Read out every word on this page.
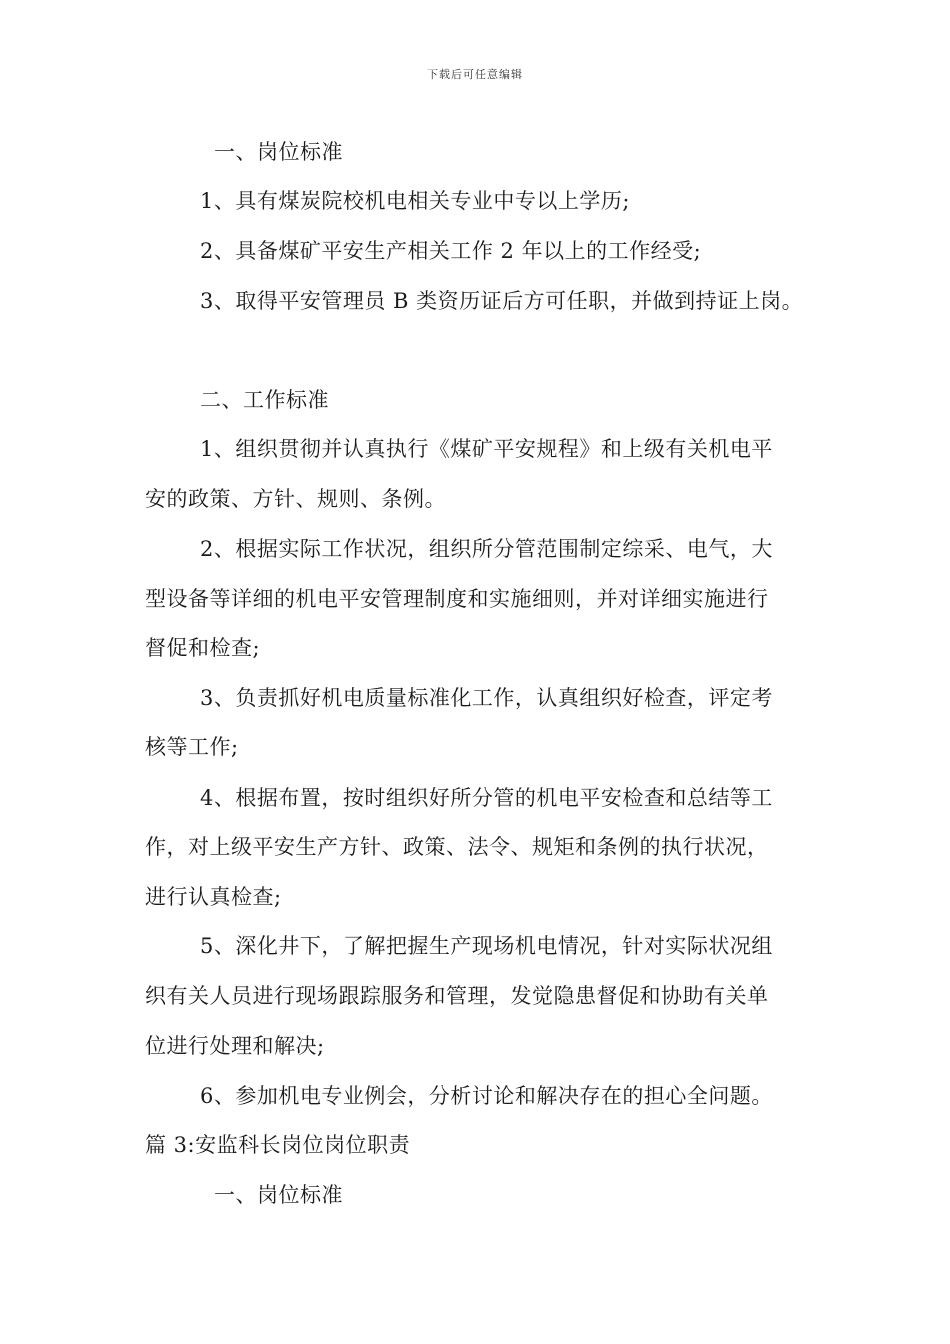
下载后可任意编辑
一、岗位标准
1、具有煤炭院校机电相关专业中专以上学历;
2、具备煤矿平安生产相关工作 2 年以上的工作经受;
3、取得平安管理员 B 类资历证后方可任职，并做到持证上岗。
二、工作标准
1、组织贯彻并认真执行《煤矿平安规程》和上级有关机电平
安的政策、方针、规则、条例。
2、根据实际工作状况，组织所分管范围制定综采、电气，大
型设备等详细的机电平安管理制度和实施细则，并对详细实施进行
督促和检查;
3、负责抓好机电质量标准化工作，认真组织好检查，评定考
核等工作;
4、根据布置，按时组织好所分管的机电平安检查和总结等工
作，对上级平安生产方针、政策、法令、规矩和条例的执行状况，
进行认真检查;
5、深化井下，了解把握生产现场机电情况，针对实际状况组
织有关人员进行现场跟踪服务和管理，发觉隐患督促和协助有关单
位进行处理和解决;
6、参加机电专业例会，分析讨论和解决存在的担心全问题。
篇 3:安监科长岗位岗位职责
一、岗位标准
